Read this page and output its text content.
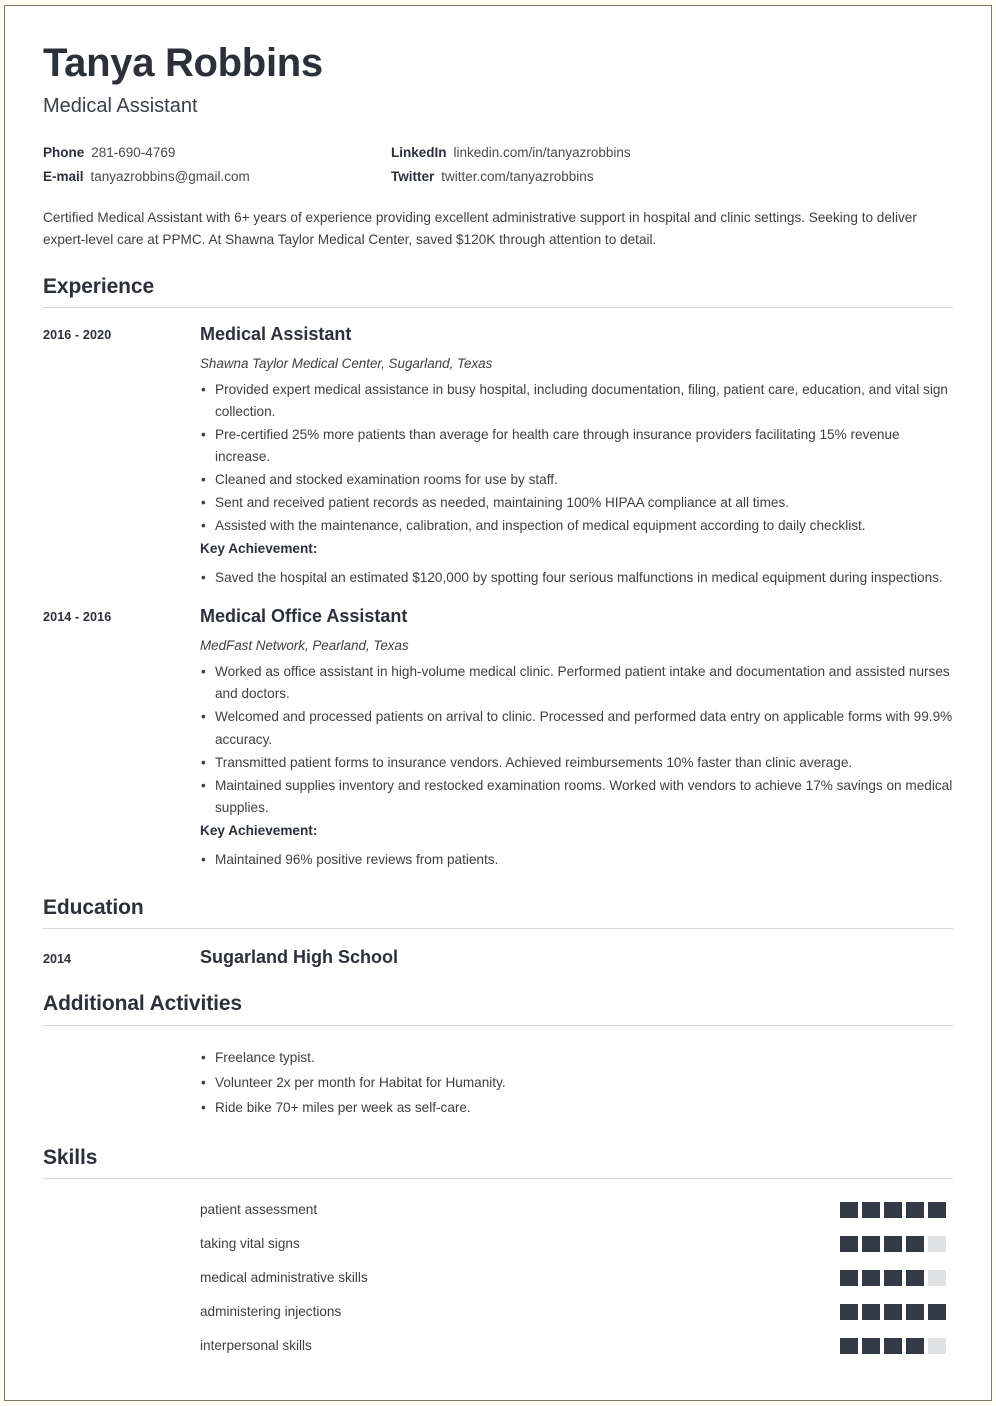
Tanya Robbins
Medical Assistant
Phone 281-690-4769	LinkedIn linkedin.com/in/tanyazrobbins
E-mail tanyazrobbins@gmail.com	Twitter twitter.com/tanyazrobbins
Certified Medical Assistant with 6+ years of experience providing excellent administrative support in hospital and clinic settings. Seeking to deliver expert-level care at PPMC. At Shawna Taylor Medical Center, saved $120K through attention to detail.
Experience
2016 - 2020	Medical Assistant
Shawna Taylor Medical Center, Sugarland, Texas
• Provided expert medical assistance in busy hospital, including documentation, filing, patient care, education, and vital sign collection.
• Pre-certified 25% more patients than average for health care through insurance providers facilitating 15% revenue increase.
• Cleaned and stocked examination rooms for use by staff.
• Sent and received patient records as needed, maintaining 100% HIPAA compliance at all times.
• Assisted with the maintenance, calibration, and inspection of medical equipment according to daily checklist.
Key Achievement:
• Saved the hospital an estimated $120,000 by spotting four serious malfunctions in medical equipment during inspections.
2014 - 2016	Medical Office Assistant
MedFast Network, Pearland, Texas
• Worked as office assistant in high-volume medical clinic. Performed patient intake and documentation and assisted nurses and doctors.
• Welcomed and processed patients on arrival to clinic. Processed and performed data entry on applicable forms with 99.9% accuracy.
• Transmitted patient forms to insurance vendors. Achieved reimbursements 10% faster than clinic average.
• Maintained supplies inventory and restocked examination rooms. Worked with vendors to achieve 17% savings on medical supplies.
Key Achievement:
• Maintained 96% positive reviews from patients.
Education
2014	Sugarland High School
Additional Activities
• Freelance typist.
• Volunteer 2x per month for Habitat for Humanity.
• Ride bike 70+ miles per week as self-care.
Skills
patient assessment
taking vital signs
medical administrative skills
administering injections
interpersonal skills
